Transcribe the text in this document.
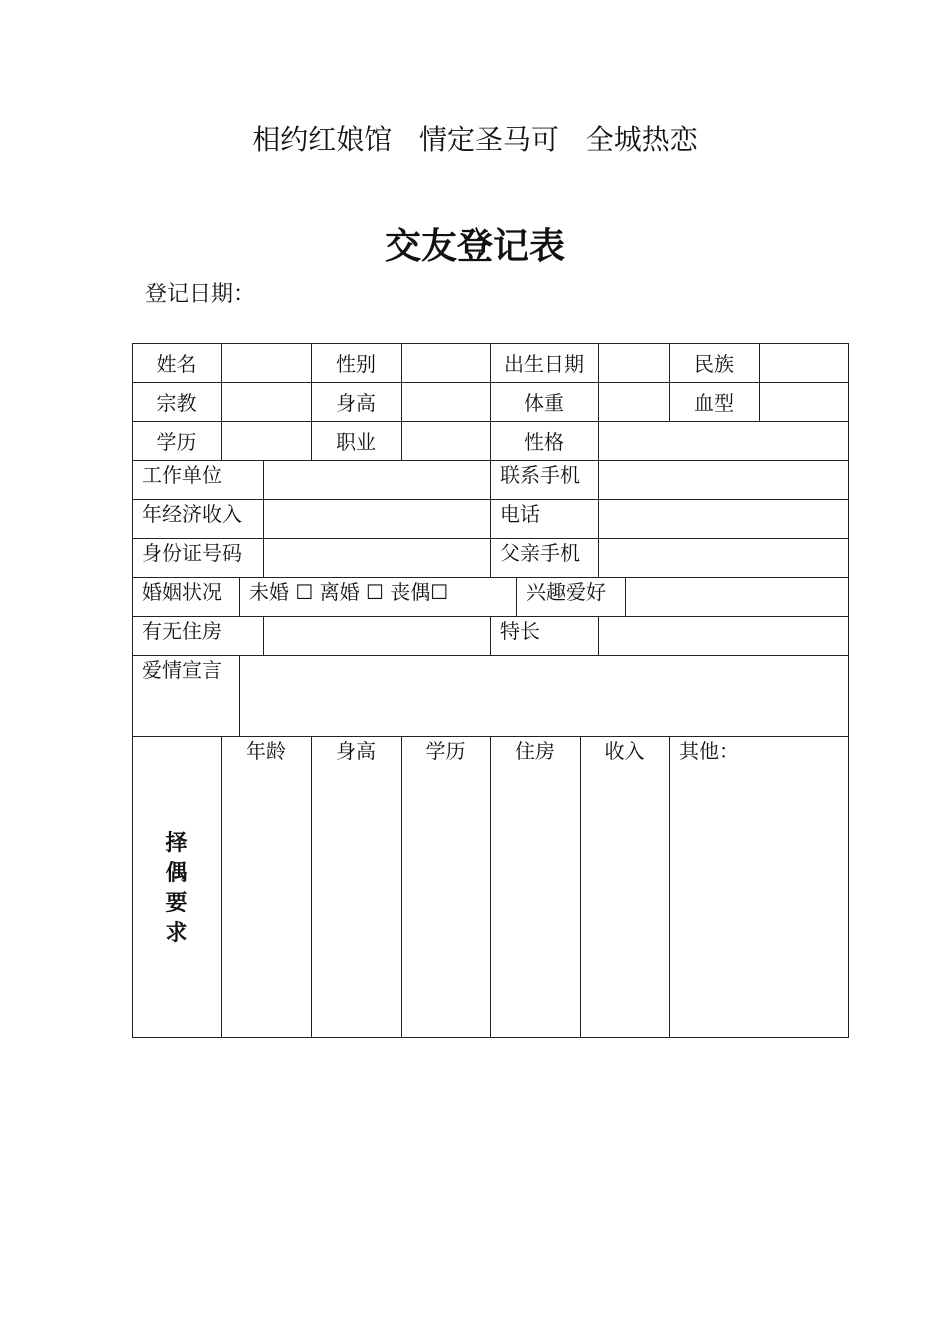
相约红娘馆   情定圣马可   全城热恋
交友登记表
登记日期：
姓名	性别	出生日期	民族
宗教	身高	体重	血型
学历	职业	性格
工作单位	联系手机
年经济收入	电话
身份证号码	父亲手机
婚姻状况 未婚 ☐ 离婚 ☐ 丧偶☐	兴趣爱好
有无住房	特长
爱情宣言
择
偶
要
求
年龄	身高	学历	住房	收入	其他：
